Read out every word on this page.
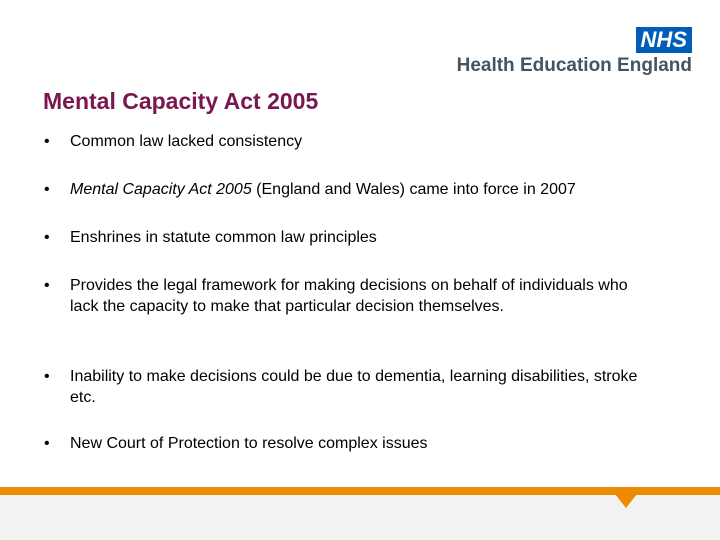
NHS
Health Education England
Mental Capacity Act 2005
•	Common law lacked consistency
•	Mental Capacity Act 2005 (England and Wales) came into force in 2007
•	Enshrines in statute common law principles
•	Provides the legal framework for making decisions on behalf of individuals who lack the capacity to make that particular decision themselves.
•	Inability to make decisions could be due to dementia, learning disabilities, stroke etc.
•	New Court of Protection to resolve complex issues
